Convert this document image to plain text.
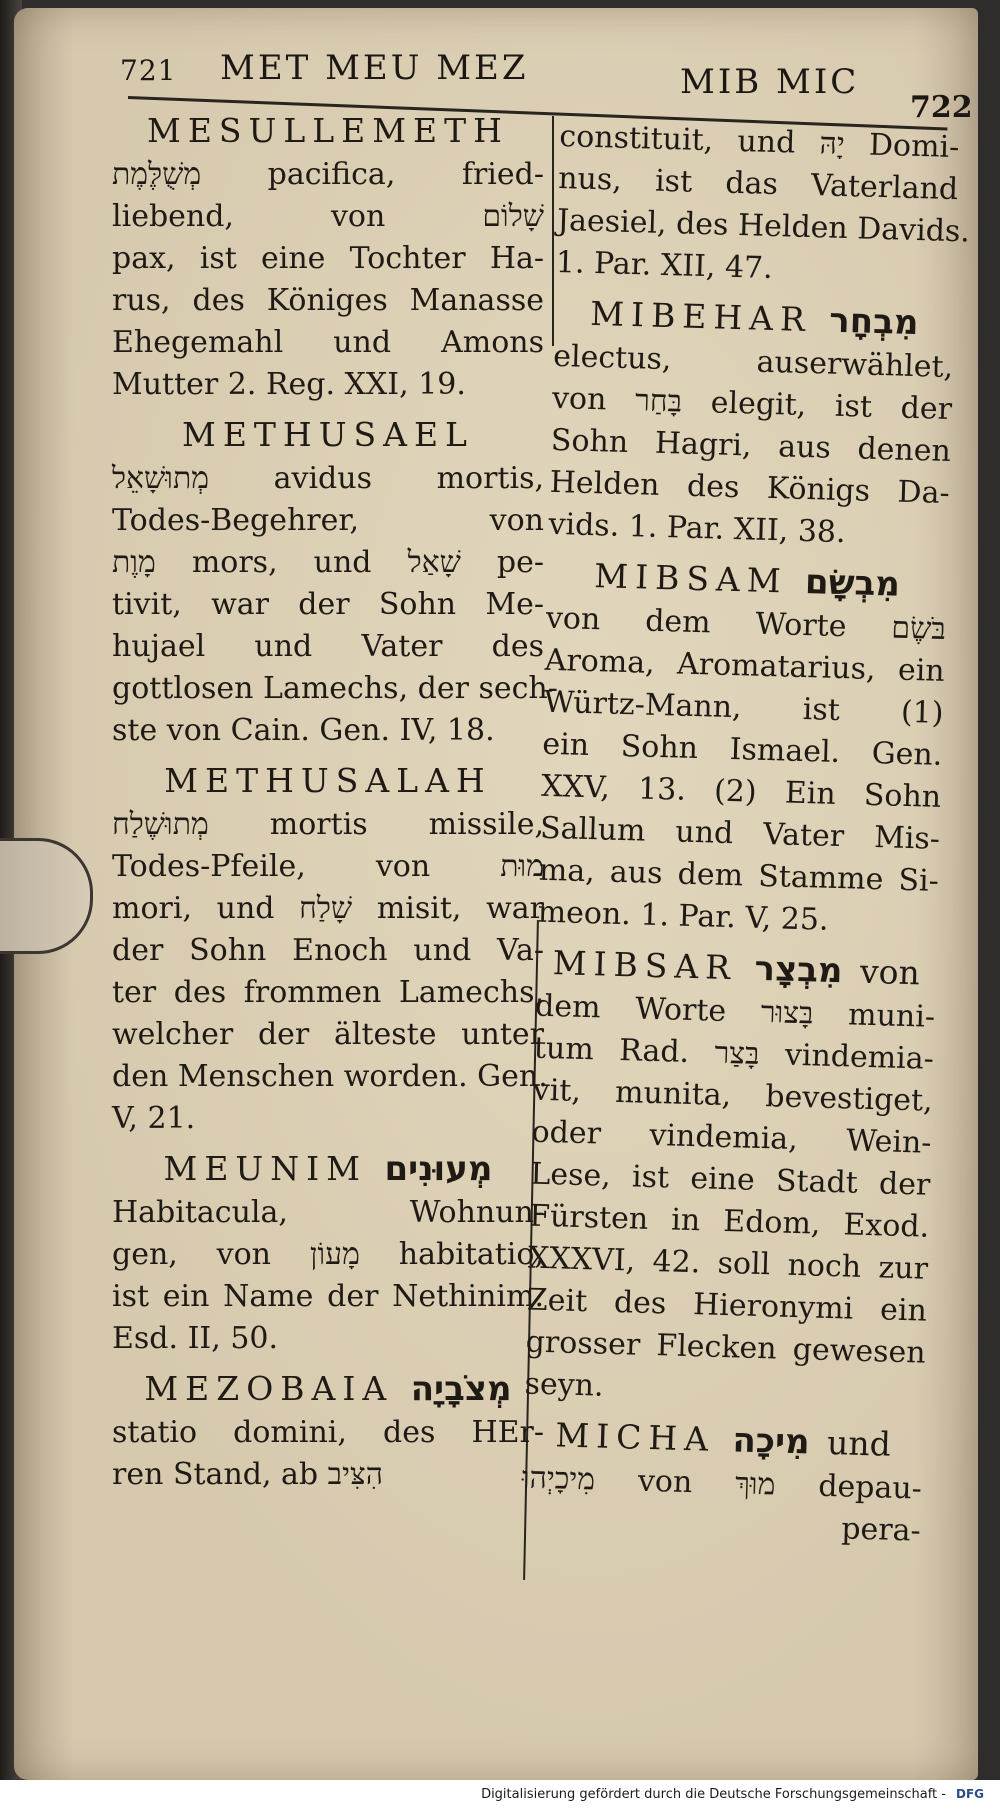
721 MET MEU MEZ	MIB MIC
722
MESULLEMETH
מְשֻׁלֶּמֶת pacifica, fried-
liebend, von שָׁלוֹם
pax, ist eine Tochter Ha-
rus, des Königes Manasse
Ehegemahl und Amons
Mutter 2. Reg. XXI, 19.
METHUSAEL
מְתוּשָׁאֵל avidus mortis,
Todes-Begehrer, von
מָוֶת mors, und שָׁאַל pe-
tivit, war der Sohn Me-
hujael und Vater des
gottlosen Lamechs, der sech-
ste von Cain. Gen. IV, 18.
METHUSALAH
מְתוּשֶׁלַח mortis missile,
Todes-Pfeile, von מוּת
mori, und שָׁלַח misit, war
der Sohn Enoch und Va-
ter des frommen Lamechs,
welcher der älteste unter
den Menschen worden. Gen.
V, 21.
MEUNIM מְעוּנִים
Habitacula, Wohnun-
gen, von מָעוֹן habitatio,
ist ein Name der Nethinim.
Esd. II, 50.
MEZOBAIA מְצֹבָיָה
statio domini, des HEr-
ren Stand, ab הִצִּיב
constituit, und יָהּ Domi-
nus, ist das Vaterland
Jaesiel, des Helden Davids.
1. Par. XII, 47.
MIBEHAR מִבְחָר
electus, auserwählet,
von בָּחַר elegit, ist der
Sohn Hagri, aus denen
Helden des Königs Da-
vids. 1. Par. XII, 38.
MIBSAM מִבְשָׂם
von dem Worte בֹּשֶׂם
Aroma, Aromatarius, ein
Würtz-Mann, ist (1)
ein Sohn Ismael. Gen.
XXV, 13. (2) Ein Sohn
Sallum und Vater Mis-
ma, aus dem Stamme Si-
meon. 1. Par. V, 25.
MIBSAR מִבְצָר von
dem Worte בָּצוּר muni-
tum Rad. בָּצַר vindemia-
vit, munita, bevestiget,
oder vindemia, Wein-
Lese, ist eine Stadt der
Fürsten in Edom, Exod.
XXXVI, 42. soll noch zur
Zeit des Hieronymi ein
grosser Flecken gewesen
seyn.
MICHA מִיכָה und
מִיכָיְהוּ von מוּךְ depau-
pera-
Digitalisierung gefördert durch die Deutsche Forschungsgemeinschaft - DFG
